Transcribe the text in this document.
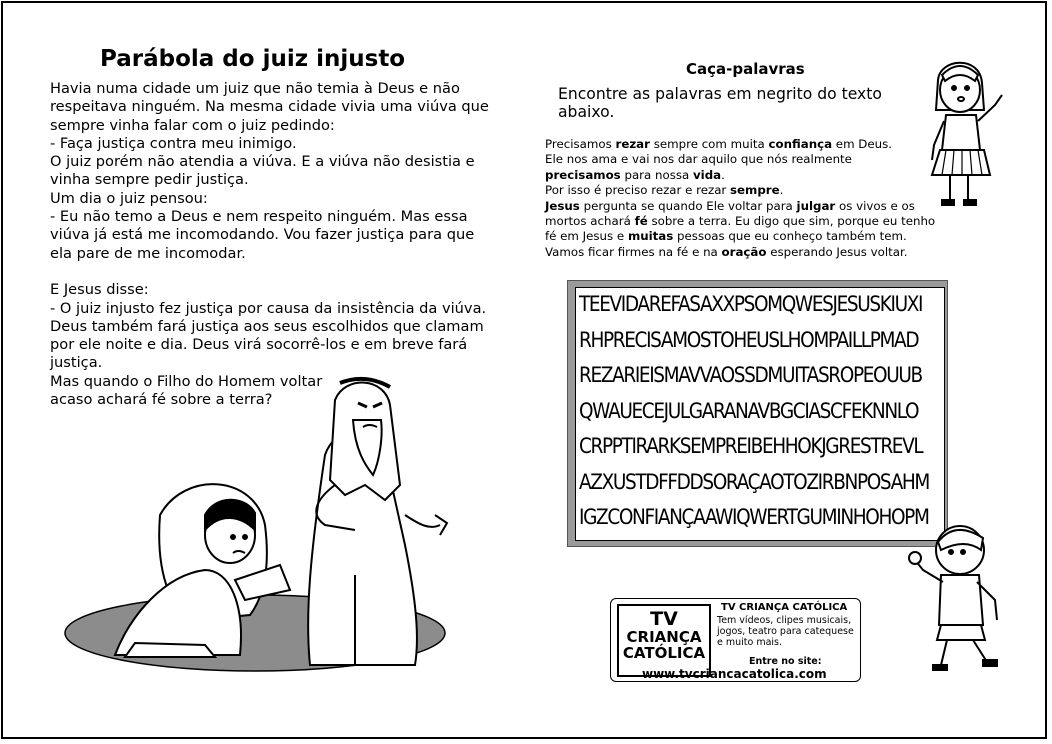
Parábola do juiz injusto
Havia numa cidade um juiz que não temia à Deus e não
respeitava ninguém. Na mesma cidade vivia uma viúva que
sempre vinha falar com o juiz pedindo:
- Faça justiça contra meu inimigo.
O juiz porém não atendia a viúva. E a viúva não desistia e
vinha sempre pedir justiça.
Um dia o juiz pensou:
- Eu não temo a Deus e nem respeito ninguém. Mas essa
viúva já está me incomodando. Vou fazer justiça para que
ela pare de me incomodar.
E Jesus disse:
- O juiz injusto fez justiça por causa da insistência da viúva.
Deus também fará justiça aos seus escolhidos que clamam
por ele noite e dia. Deus virá socorrê-los e em breve fará
justiça.
Mas quando o Filho do Homem voltar
acaso achará fé sobre a terra?
Caça-palavras
Encontre as palavras em negrito do texto abaixo.
Precisamos rezar sempre com muita confiança em Deus.
Ele nos ama e vai nos dar aquilo que nós realmente
precisamos para nossa vida.
Por isso é preciso rezar e rezar sempre.
Jesus pergunta se quando Ele voltar para julgar os vivos e os
mortos achará fé sobre a terra. Eu digo que sim, porque eu tenho
fé em Jesus e muitas pessoas que eu conheço também tem.
Vamos ficar firmes na fé e na oração esperando Jesus voltar.
TEEVIDAREFASAXXPSOMQWESJESUSKIUXI
RHPRECISAMOSTOHEUSLHOMPAILLPMAD
REZARIEISMAVVAOSSDMUITASROPEOUUB
QWAUECEJULGARANAVBGCIASCFEKNNLO
CRPPTIRARKSEMPREIBEHHOKJGRESTREVL
AZXUSTDFFDDSORAÇAOTOZIRBNPOSAHM
IGZCONFIANÇAAWIQWERTGUMINHOHOPM
TV
CRIANÇA
CATÓLICA
TV CRIANÇA CATÓLICA
Tem vídeos, clipes musicais, jogos, teatro para catequese e muito mais.
Entre no site:
www.tvcriancacatolica.com
